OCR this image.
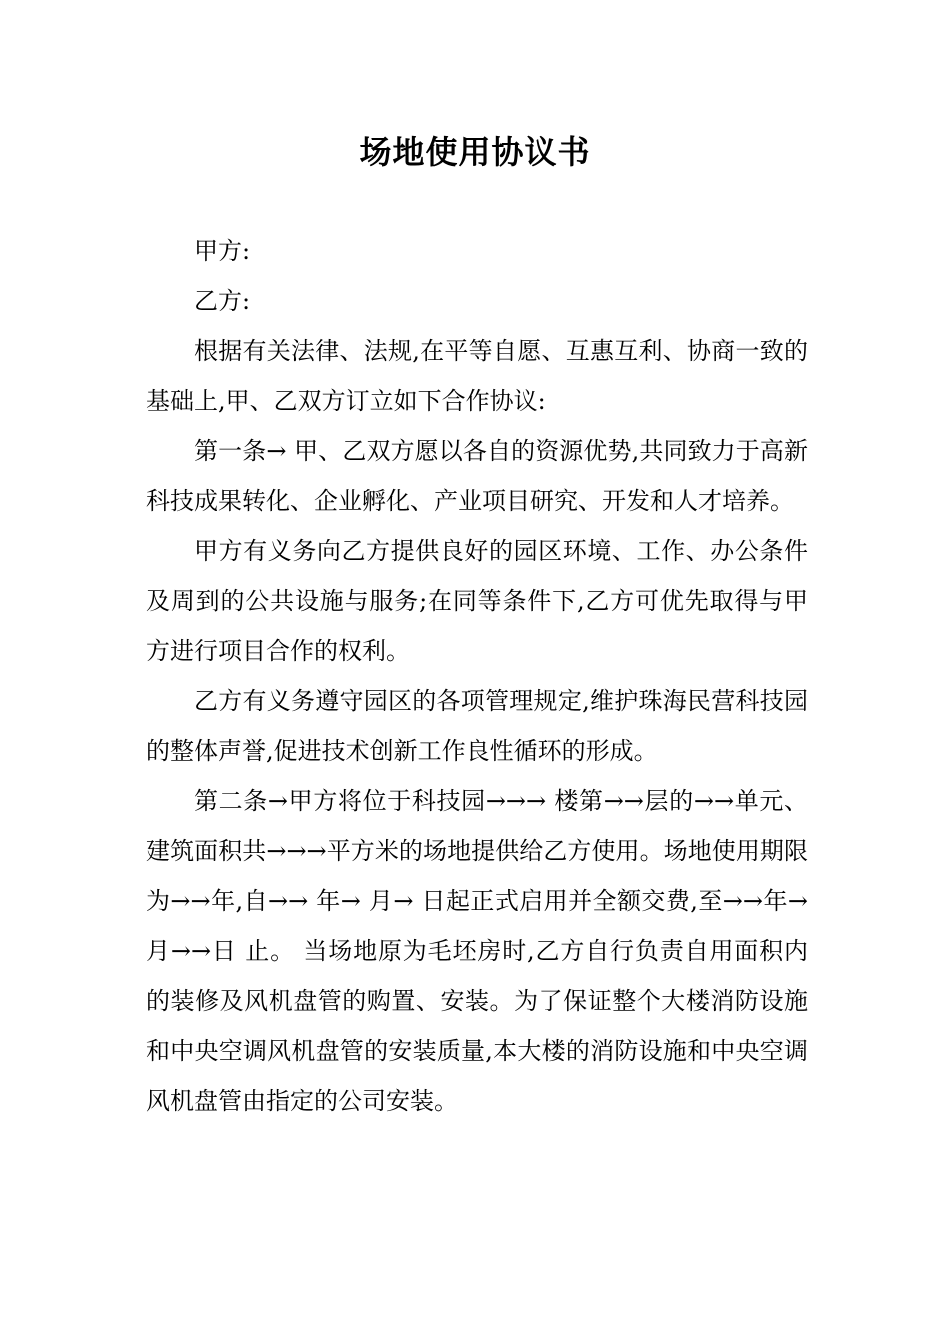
场地使用协议书

甲方:

乙方:

根据有关法律、法规,在平等自愿、互惠互利、协商一致的基础上,甲、乙双方订立如下合作协议:

第一条→ 甲、乙双方愿以各自的资源优势,共同致力于高新科技成果转化、企业孵化、产业项目研究、开发和人才培养。

甲方有义务向乙方提供良好的园区环境、工作、办公条件及周到的公共设施与服务;在同等条件下,乙方可优先取得与甲方进行项目合作的权利。

乙方有义务遵守园区的各项管理规定,维护珠海民营科技园的整体声誉,促进技术创新工作良性循环的形成。

第二条→甲方将位于科技园→→→ 楼第→→层的→→单元、 建筑面积共→→→平方米的场地提供给乙方使用。场地使用期限为→→年,自→→ 年→ 月→ 日起正式启用并全额交费,至→→年→ 月→→日 止。 当场地原为毛坯房时,乙方自行负责自用面积内的装修及风机盘管的购置、安装。为了保证整个大楼消防设施和中央空调风机盘管的安装质量,本大楼的消防设施和中央空调风机盘管由指定的公司安装。
